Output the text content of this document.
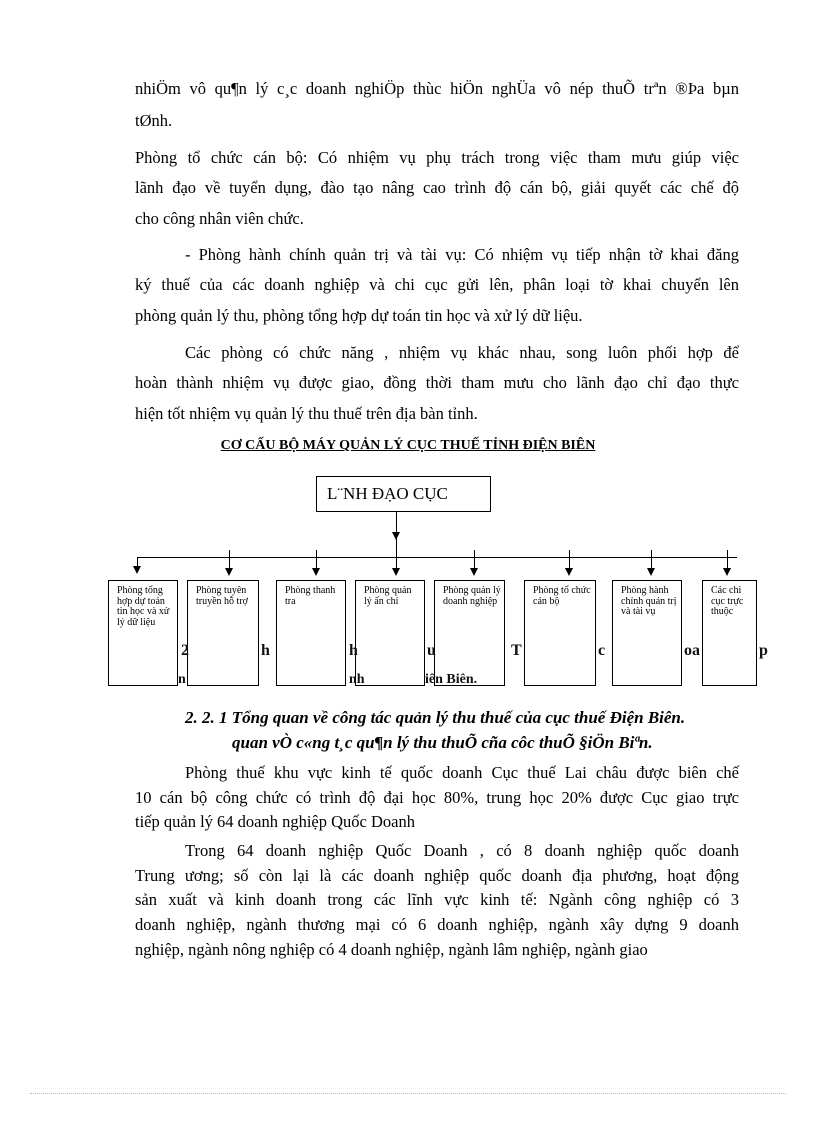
nhiÖm vô qu¶n lý c¸c doanh nghiÖp thùc hiÖn nghÜa vô nép thuÕ trªn ®Þa bµn
tØnh.
Phòng tổ chức cán bộ: Có nhiệm vụ phụ trách trong việc tham mưu giúp việc
lãnh đạo về tuyển dụng, đào tạo nâng cao trình độ cán bộ, giải quyết các chế độ
cho công nhân viên chức.
- Phòng hành chính quản trị và tài vụ: Có nhiệm vụ tiếp nhận tờ khai đăng
ký thuế của các doanh nghiệp và chi cục gửi lên, phân loại tờ khai chuyển lên
phòng quản lý thu, phòng tổng hợp dự toán tin học và xử lý dữ liệu.
Các phòng có chức năng , nhiệm vụ khác nhau, song luôn phối hợp để
hoàn thành nhiệm vụ được giao, đồng thời tham mưu cho lãnh đạo chỉ đạo thực
hiện tốt nhiệm vụ quản lý thu thuế trên địa bàn tỉnh.
CƠ CẤU BỘ MÁY QUẢN LÝ CỤC THUẾ TỈNH ĐIỆN BIÊN
L¨NH ĐẠO CỤC
Phòng tổng hợp dự toán tin học và xử lý dữ liệu
Phòng tuyên truyền hỗ trợ
Phòng thanh tra
Phòng quản lý ấn chỉ
Phòng quản lý doanh nghiệp
Phòng tổ chức cán bộ
Phòng hành chính quản trị và tài vụ
Các chi cục trực thuộc
2	h	h
nh
u	T	c	oa	p
n	iên Biên.
2. 2. 1 Tổng quan về công tác quản lý thu thuế của cục thuế Điện Biên.
quan vÒ c«ng t¸c qu¶n lý thu thuÕ cña côc thuÕ §iÖn Biªn.
Phòng thuế khu vực kinh tế quốc doanh Cục thuế Lai châu được biên chế
10 cán bộ công chức có trình độ đại học 80%, trung học 20% được Cục giao trực
tiếp quản lý 64 doanh nghiệp Quốc Doanh
Trong 64 doanh nghiệp Quốc Doanh , có 8 doanh nghiệp quốc doanh
Trung ương; số còn lại là các doanh nghiệp quốc doanh địa phương, hoạt động
sản xuất và kinh doanh trong các lĩnh vực kinh tế: Ngành công nghiệp có 3
doanh nghiệp, ngành thương mại có 6 doanh nghiệp, ngành xây dựng 9 doanh
nghiệp, ngành nông nghiệp có 4 doanh nghiệp, ngành lâm nghiệp, ngành giao
